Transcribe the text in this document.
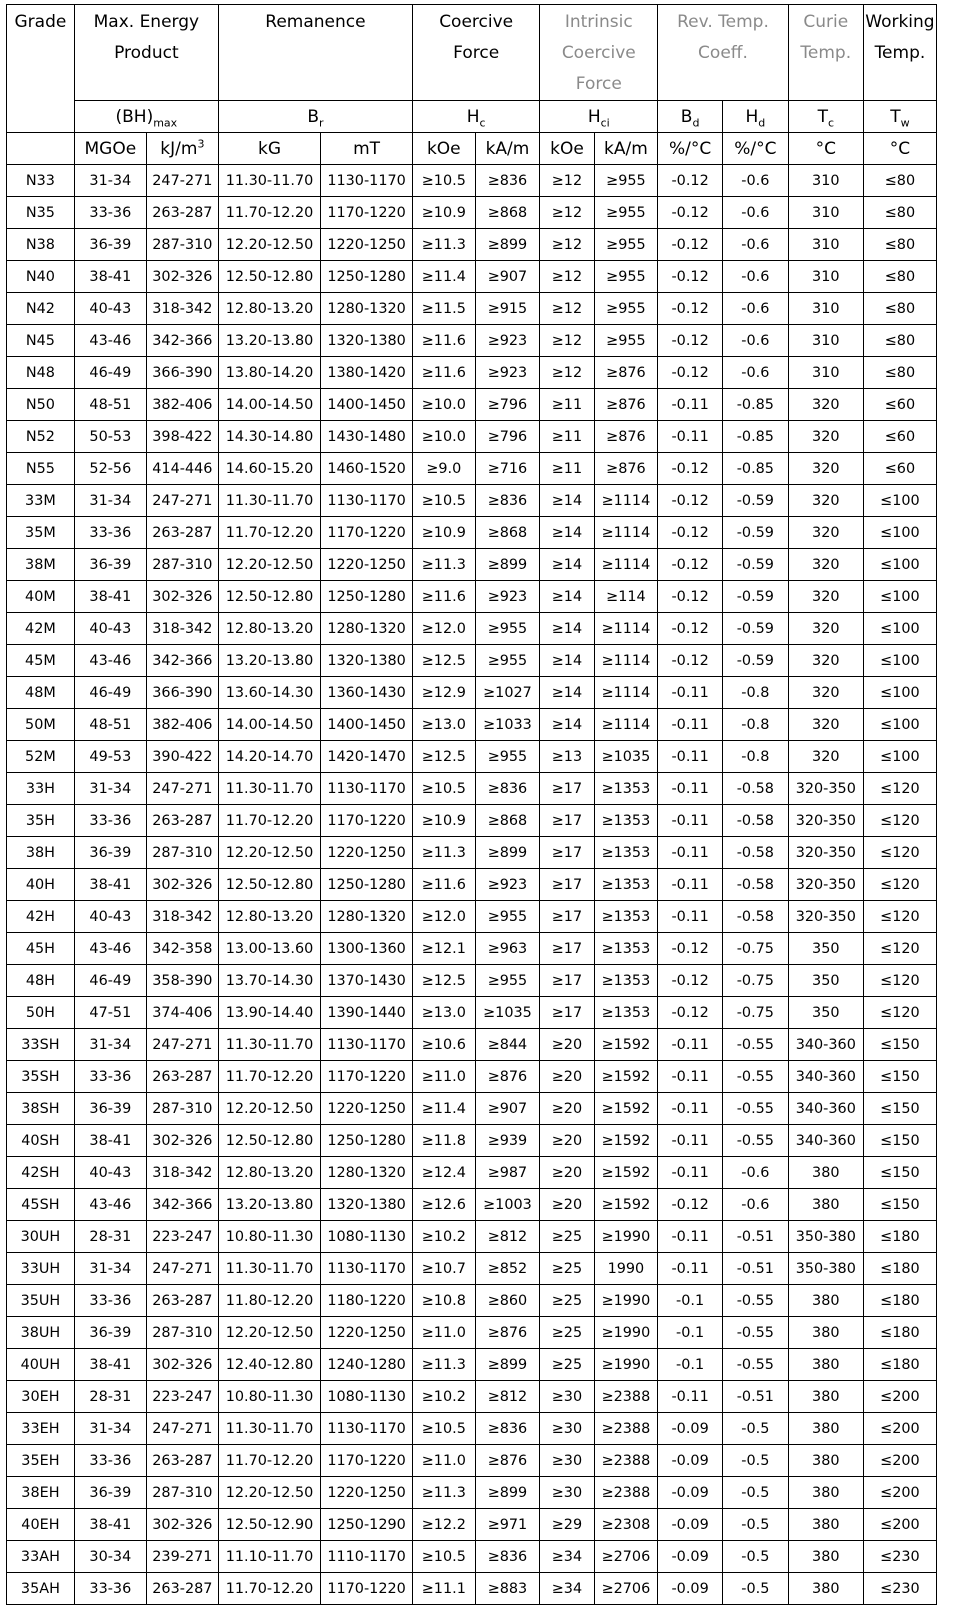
Grade	Max. Energy Product		Remanence		Coercive Force		Intrinsic Coercive Force		Rev. Temp. Coeff.		Curie Temp.	Working Temp.

	$(BH)_{max}$		$B_r$		$H_c$		$H_{ci}$		$B_d$	$H_d$	$T_c$	$T_w$
	MGOe	$kJ/m^3$	kG	mT	kOe	kA/m	kOe	kA/m	%/°C	%/°C	°C	°C
N33	31-34	247-271	11.30-11.70	1130-1170	≥10.5	≥836	≥12	≥955	-0.12	-0.6	310	≤80
N35	33-36	263-287	11.70-12.20	1170-1220	≥10.9	≥868	≥12	≥955	-0.12	-0.6	310	≤80
N38	36-39	287-310	12.20-12.50	1220-1250	≥11.3	≥899	≥12	≥955	-0.12	-0.6	310	≤80
N40	38-41	302-326	12.50-12.80	1250-1280	≥11.4	≥907	≥12	≥955	-0.12	-0.6	310	≤80
N42	40-43	318-342	12.80-13.20	1280-1320	≥11.5	≥915	≥12	≥955	-0.12	-0.6	310	≤80
N45	43-46	342-366	13.20-13.80	1320-1380	≥11.6	≥923	≥12	≥955	-0.12	-0.6	310	≤80
N48	46-49	366-390	13.80-14.20	1380-1420	≥11.6	≥923	≥12	≥876	-0.12	-0.6	310	≤80
N50	48-51	382-406	14.00-14.50	1400-1450	≥10.0	≥796	≥11	≥876	-0.11	-0.85	320	≤60
N52	50-53	398-422	14.30-14.80	1430-1480	≥10.0	≥796	≥11	≥876	-0.11	-0.85	320	≤60
N55	52-56	414-446	14.60-15.20	1460-1520	≥9.0	≥716	≥11	≥876	-0.12	-0.85	320	≤60
33M	31-34	247-271	11.30-11.70	1130-1170	≥10.5	≥836	≥14	≥1114	-0.12	-0.59	320	≤100
35M	33-36	263-287	11.70-12.20	1170-1220	≥10.9	≥868	≥14	≥1114	-0.12	-0.59	320	≤100
38M	36-39	287-310	12.20-12.50	1220-1250	≥11.3	≥899	≥14	≥1114	-0.12	-0.59	320	≤100
40M	38-41	302-326	12.50-12.80	1250-1280	≥11.6	≥923	≥14	≥114	-0.12	-0.59	320	≤100
42M	40-43	318-342	12.80-13.20	1280-1320	≥12.0	≥955	≥14	≥1114	-0.12	-0.59	320	≤100
45M	43-46	342-366	13.20-13.80	1320-1380	≥12.5	≥955	≥14	≥1114	-0.12	-0.59	320	≤100
48M	46-49	366-390	13.60-14.30	1360-1430	≥12.9	≥1027	≥14	≥1114	-0.11	-0.8	320	≤100
50M	48-51	382-406	14.00-14.50	1400-1450	≥13.0	≥1033	≥14	≥1114	-0.11	-0.8	320	≤100
52M	49-53	390-422	14.20-14.70	1420-1470	≥12.5	≥955	≥13	≥1035	-0.11	-0.8	320	≤100
33H	31-34	247-271	11.30-11.70	1130-1170	≥10.5	≥836	≥17	≥1353	-0.11	-0.58	320-350	≤120
35H	33-36	263-287	11.70-12.20	1170-1220	≥10.9	≥868	≥17	≥1353	-0.11	-0.58	320-350	≤120
38H	36-39	287-310	12.20-12.50	1220-1250	≥11.3	≥899	≥17	≥1353	-0.11	-0.58	320-350	≤120
40H	38-41	302-326	12.50-12.80	1250-1280	≥11.6	≥923	≥17	≥1353	-0.11	-0.58	320-350	≤120
42H	40-43	318-342	12.80-13.20	1280-1320	≥12.0	≥955	≥17	≥1353	-0.11	-0.58	320-350	≤120
45H	43-46	342-358	13.00-13.60	1300-1360	≥12.1	≥963	≥17	≥1353	-0.12	-0.75	350	≤120
48H	46-49	358-390	13.70-14.30	1370-1430	≥12.5	≥955	≥17	≥1353	-0.12	-0.75	350	≤120
50H	47-51	374-406	13.90-14.40	1390-1440	≥13.0	≥1035	≥17	≥1353	-0.12	-0.75	350	≤120
33SH	31-34	247-271	11.30-11.70	1130-1170	≥10.6	≥844	≥20	≥1592	-0.11	-0.55	340-360	≤150
35SH	33-36	263-287	11.70-12.20	1170-1220	≥11.0	≥876	≥20	≥1592	-0.11	-0.55	340-360	≤150
38SH	36-39	287-310	12.20-12.50	1220-1250	≥11.4	≥907	≥20	≥1592	-0.11	-0.55	340-360	≤150
40SH	38-41	302-326	12.50-12.80	1250-1280	≥11.8	≥939	≥20	≥1592	-0.11	-0.55	340-360	≤150
42SH	40-43	318-342	12.80-13.20	1280-1320	≥12.4	≥987	≥20	≥1592	-0.11	-0.6	380	≤150
45SH	43-46	342-366	13.20-13.80	1320-1380	≥12.6	≥1003	≥20	≥1592	-0.12	-0.6	380	≤150
30UH	28-31	223-247	10.80-11.30	1080-1130	≥10.2	≥812	≥25	≥1990	-0.11	-0.51	350-380	≤180
33UH	31-34	247-271	11.30-11.70	1130-1170	≥10.7	≥852	≥25	1990	-0.11	-0.51	350-380	≤180
35UH	33-36	263-287	11.80-12.20	1180-1220	≥10.8	≥860	≥25	≥1990	-0.1	-0.55	380	≤180
38UH	36-39	287-310	12.20-12.50	1220-1250	≥11.0	≥876	≥25	≥1990	-0.1	-0.55	380	≤180
40UH	38-41	302-326	12.40-12.80	1240-1280	≥11.3	≥899	≥25	≥1990	-0.1	-0.55	380	≤180
30EH	28-31	223-247	10.80-11.30	1080-1130	≥10.2	≥812	≥30	≥2388	-0.11	-0.51	380	≤200
33EH	31-34	247-271	11.30-11.70	1130-1170	≥10.5	≥836	≥30	≥2388	-0.09	-0.5	380	≤200
35EH	33-36	263-287	11.70-12.20	1170-1220	≥11.0	≥876	≥30	≥2388	-0.09	-0.5	380	≤200
38EH	36-39	287-310	12.20-12.50	1220-1250	≥11.3	≥899	≥30	≥2388	-0.09	-0.5	380	≤200
40EH	38-41	302-326	12.50-12.90	1250-1290	≥12.2	≥971	≥29	≥2308	-0.09	-0.5	380	≤200
33AH	30-34	239-271	11.10-11.70	1110-1170	≥10.5	≥836	≥34	≥2706	-0.09	-0.5	380	≤230
35AH	33-36	263-287	11.70-12.20	1170-1220	≥11.1	≥883	≥34	≥2706	-0.09	-0.5	380	≤230
